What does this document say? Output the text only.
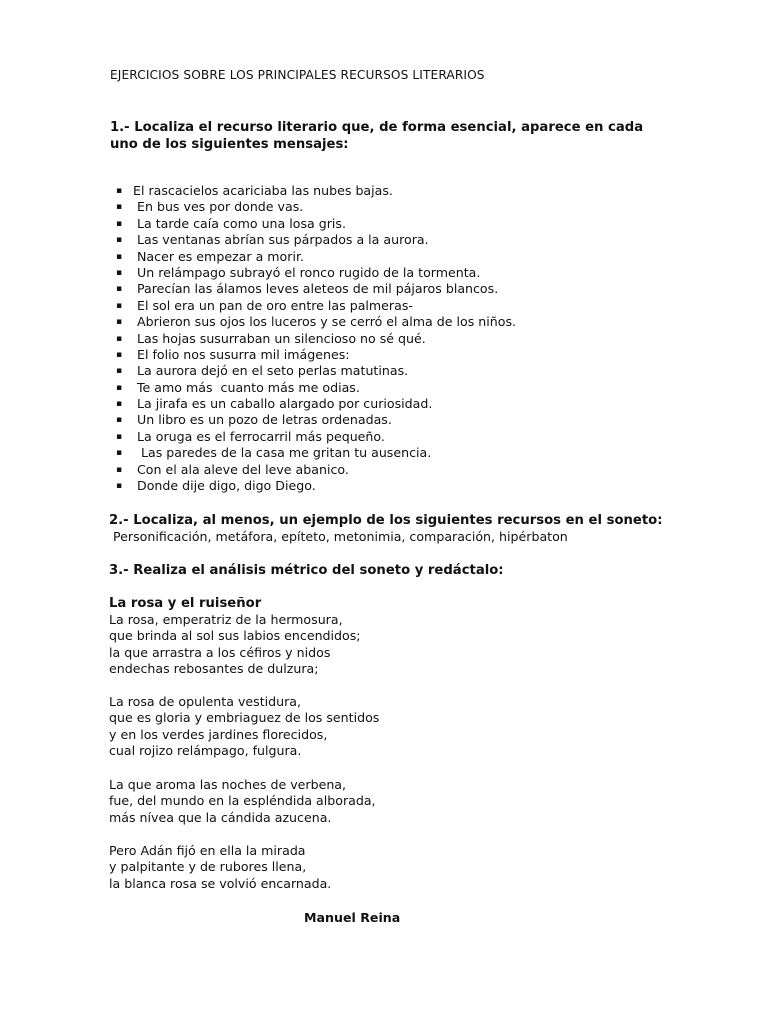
EJERCICIOS SOBRE LOS PRINCIPALES RECURSOS LITERARIOS
1.- Localiza el recurso literario que, de forma esencial, aparece en cada uno de los siguientes mensajes:
▪ El rascacielos acariciaba las nubes bajas.
▪ En bus ves por donde vas.
▪ La tarde caía como una losa gris.
▪ Las ventanas abrían sus párpados a la aurora.
▪ Nacer es empezar a morir.
▪ Un relámpago subrayó el ronco rugido de la tormenta.
▪ Parecían las álamos leves aleteos de mil pájaros blancos.
▪ El sol era un pan de oro entre las palmeras-
▪ Abrieron sus ojos los luceros y se cerró el alma de los niños.
▪ Las hojas susurraban un silencioso no sé qué.
▪ El folio nos susurra mil imágenes:
▪ La aurora dejó en el seto perlas matutinas.
▪ Te amo más  cuanto más me odias.
▪ La jirafa es un caballo alargado por curiosidad.
▪ Un libro es un pozo de letras ordenadas.
▪ La oruga es el ferrocarril más pequeño.
▪ Las paredes de la casa me gritan tu ausencia.
▪ Con el ala aleve del leve abanico.
▪ Donde dije digo, digo Diego.
2.- Localiza, al menos, un ejemplo de los siguientes recursos en el soneto:
Personificación, metáfora, epíteto, metonimia, comparación, hipérbaton
3.- Realiza el análisis métrico del soneto y redáctalo:
La rosa y el ruiseñor
La rosa, emperatriz de la hermosura,
que brinda al sol sus labios encendidos;
la que arrastra a los céfiros y nidos
endechas rebosantes de dulzura;
La rosa de opulenta vestidura,
que es gloria y embriaguez de los sentidos
y en los verdes jardines florecidos,
cual rojizo relámpago, fulgura.
La que aroma las noches de verbena,
fue, del mundo en la espléndida alborada,
más nívea que la cándida azucena.
Pero Adán fijó en ella la mirada
y palpitante y de rubores llena,
la blanca rosa se volvió encarnada.
Manuel Reina
